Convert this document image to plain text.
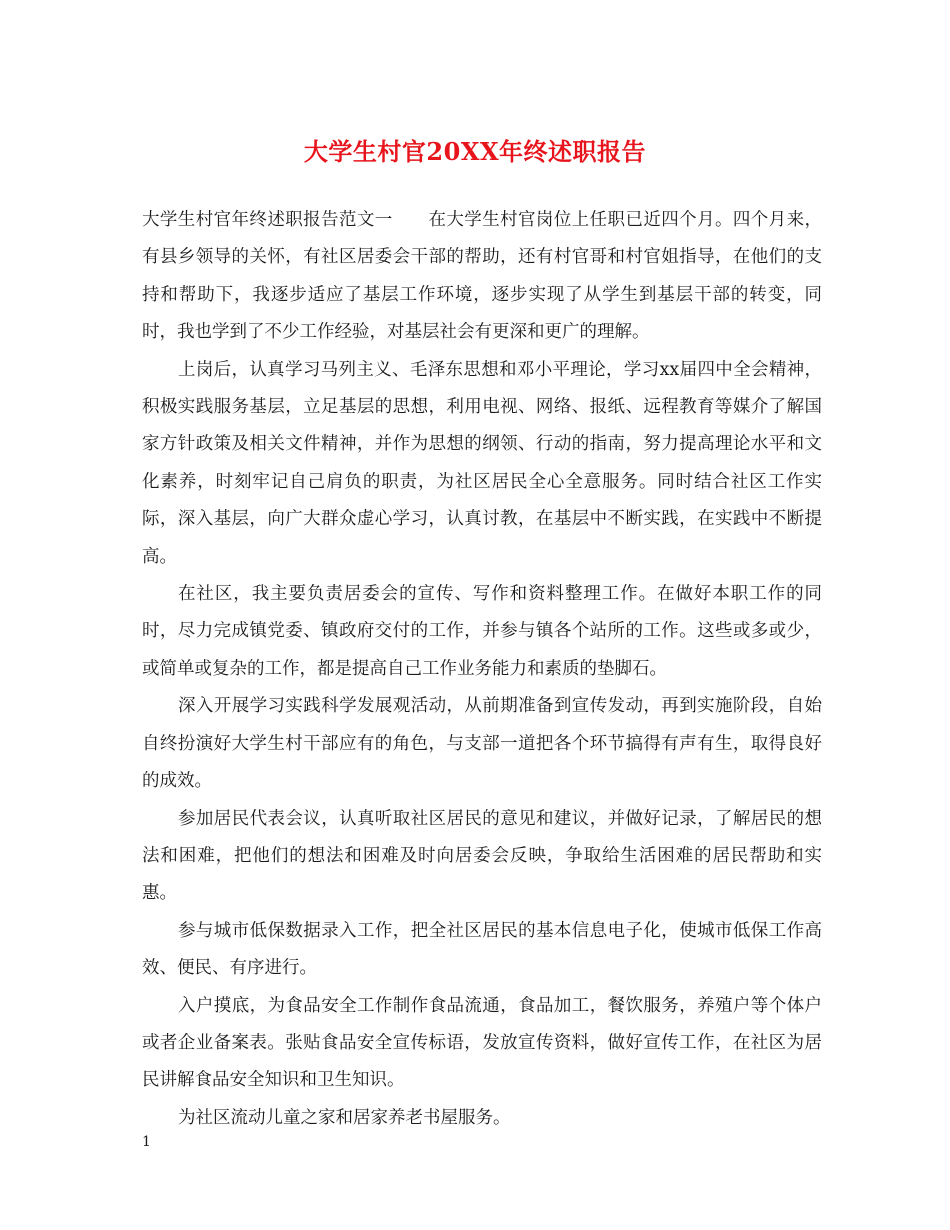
大学生村官20XX年终述职报告

大学生村官年终述职报告范文一　　在大学生村官岗位上任职已近四个月。四个月来，有县乡领导的关怀，有社区居委会干部的帮助，还有村官哥和村官姐指导，在他们的支持和帮助下，我逐步适应了基层工作环境，逐步实现了从学生到基层干部的转变，同时，我也学到了不少工作经验，对基层社会有更深和更广的理解。

上岗后，认真学习马列主义、毛泽东思想和邓小平理论，学习xx届四中全会精神，积极实践服务基层，立足基层的思想，利用电视、网络、报纸、远程教育等媒介了解国家方针政策及相关文件精神，并作为思想的纲领、行动的指南，努力提高理论水平和文化素养，时刻牢记自己肩负的职责，为社区居民全心全意服务。同时结合社区工作实际，深入基层，向广大群众虚心学习，认真讨教，在基层中不断实践，在实践中不断提高。

在社区，我主要负责居委会的宣传、写作和资料整理工作。在做好本职工作的同时，尽力完成镇党委、镇政府交付的工作，并参与镇各个站所的工作。这些或多或少，或简单或复杂的工作，都是提高自己工作业务能力和素质的垫脚石。

深入开展学习实践科学发展观活动，从前期准备到宣传发动，再到实施阶段，自始自终扮演好大学生村干部应有的角色，与支部一道把各个环节搞得有声有生，取得良好的成效。

参加居民代表会议，认真听取社区居民的意见和建议，并做好记录，了解居民的想法和困难，把他们的想法和困难及时向居委会反映，争取给生活困难的居民帮助和实惠。

参与城市低保数据录入工作，把全社区居民的基本信息电子化，使城市低保工作高效、便民、有序进行。

入户摸底，为食品安全工作制作食品流通，食品加工，餐饮服务，养殖户等个体户或者企业备案表。张贴食品安全宣传标语，发放宣传资料，做好宣传工作，在社区为居民讲解食品安全知识和卫生知识。

为社区流动儿童之家和居家养老书屋服务。

1
